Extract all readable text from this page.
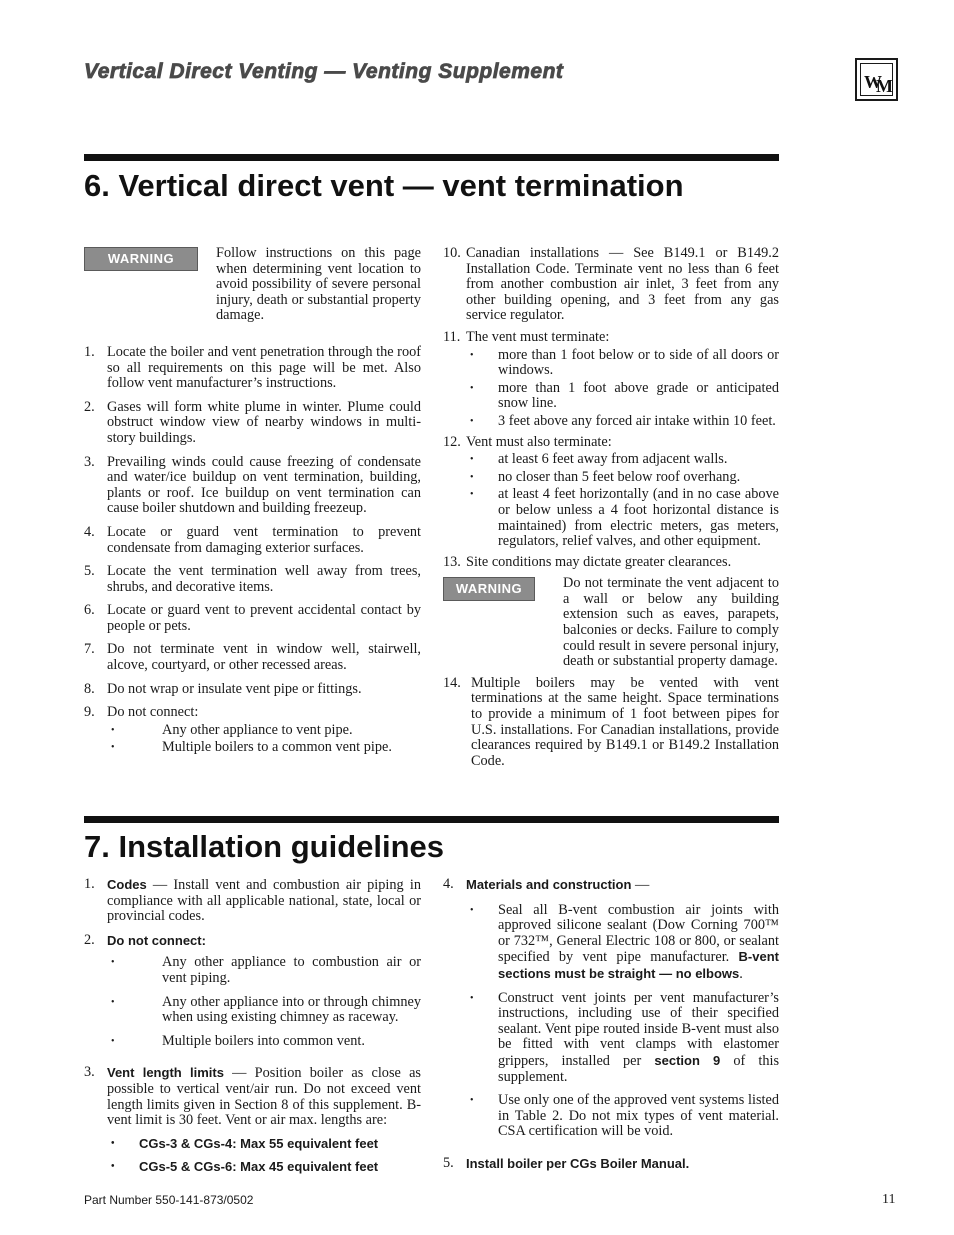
Vertical Direct Venting — Venting Supplement	W
M
6. Vertical direct vent — vent termination
WARNING	Follow instructions on this page when determining vent location to avoid possibility of severe personal injury, death or substantial property damage.
1. Locate the boiler and vent penetration through the roof so all requirements on this page will be met. Also follow vent manufacturer’s instructions.
2. Gases will form white plume in winter. Plume could obstruct window view of nearby windows in multi-story buildings.
3. Prevailing winds could cause freezing of condensate and water/ice buildup on vent termination, building, plants or roof. Ice buildup on vent termination can cause boiler shutdown and building freezeup.
4. Locate or guard vent termination to prevent condensate from damaging exterior surfaces.
5. Locate the vent termination well away from trees, shrubs, and decorative items.
6. Locate or guard vent to prevent accidental contact by people or pets.
7. Do not terminate vent in window well, stairwell, alcove, courtyard, or other recessed areas.
8. Do not wrap or insulate vent pipe or fittings.
9. Do not connect:
•	Any other appliance to vent pipe.
•	Multiple boilers to a common vent pipe.
10. Canadian installations — See B149.1 or B149.2 Installation Code. Terminate vent no less than 6 feet from another combustion air inlet, 3 feet from any other building opening, and 3 feet from any gas service regulator.
11. The vent must terminate:
•	more than 1 foot below or to side of all doors or windows.
•	more than 1 foot above grade or anticipated snow line.
•	3 feet above any forced air intake within 10 feet.
12. Vent must also terminate:
•	at least 6 feet away from adjacent walls.
•	no closer than 5 feet below roof overhang.
•	at least 4 feet horizontally (and in no case above or below unless a 4 foot horizontal distance is maintained) from electric meters, gas meters, regulators, relief valves, and other equipment.
13. Site conditions may dictate greater clearances.
WARNING	Do not terminate the vent adjacent to a wall or below any building extension such as eaves, parapets, balconies or decks. Failure to comply could result in severe personal injury, death or substantial property damage.
14. Multiple boilers may be vented with vent terminations at the same height. Space terminations to provide a minimum of 1 foot between pipes for U.S. installations. For Canadian installations, provide clearances required by B149.1 or B149.2 Installation Code.
7. Installation guidelines
1. Codes — Install vent and combustion air piping in compliance with all applicable national, state, local or provincial codes.
2. Do not connect:
•	Any other appliance to combustion air or vent piping.
•	Any other appliance into or through chimney when using existing chimney as raceway.
•	Multiple boilers into common vent.
3. Vent length limits — Position boiler as close as possible to vertical vent/air run. Do not exceed vent length limits given in Section 8 of this supplement. B-vent limit is 30 feet. Vent or air max. lengths are:
•	CGs-3 & CGs-4: Max 55 equivalent feet
•	CGs-5 & CGs-6: Max 45 equivalent feet
4. Materials and construction —
•	Seal all B-vent combustion air joints with approved silicone sealant (Dow Corning 700™ or 732™, General Electric 108 or 800, or sealant specified by vent pipe manufacturer. B-vent sections must be straight — no elbows.
•	Construct vent joints per vent manufacturer’s instructions, including use of their specified sealant. Vent pipe routed inside B-vent must also be fitted with vent clamps with elastomer grippers, installed per section 9 of this supplement.
•	Use only one of the approved vent systems listed in Table 2. Do not mix types of vent material. CSA certification will be void.
5. Install boiler per CGs Boiler Manual.
Part Number 550-141-873/0502	11
